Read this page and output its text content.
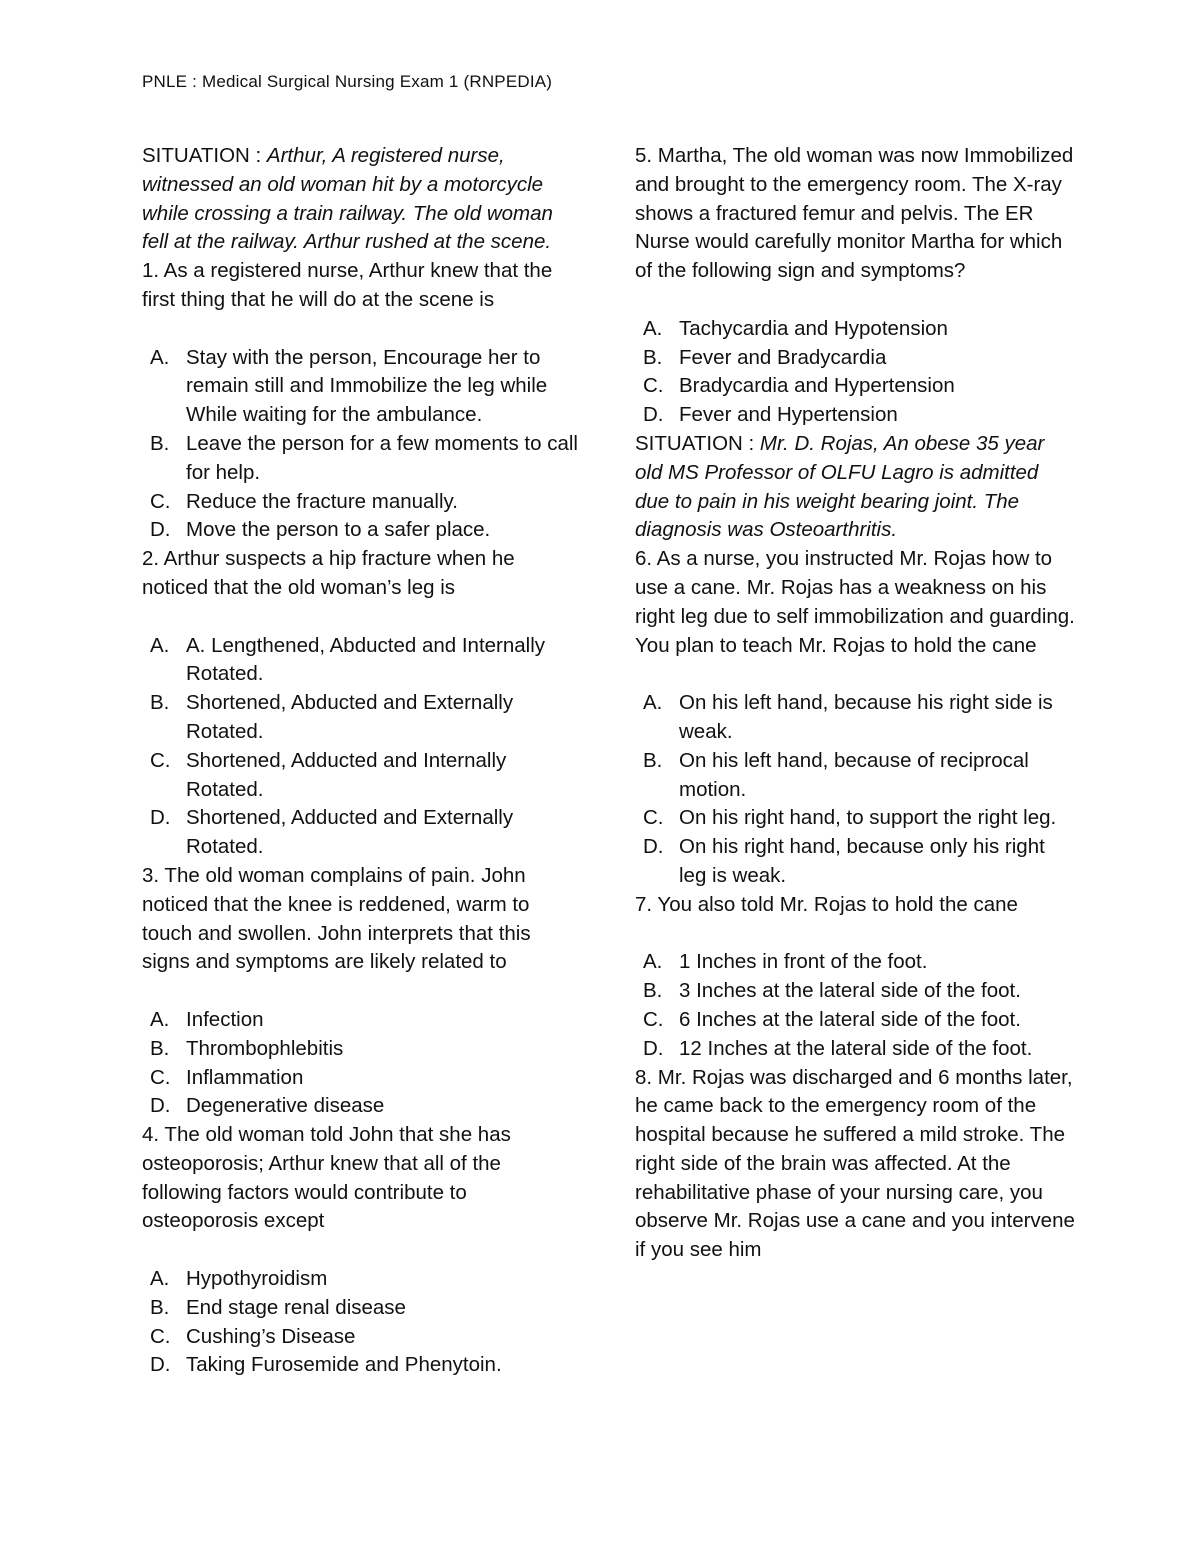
PNLE : Medical Surgical Nursing Exam 1 (RNPEDIA)

SITUATION : Arthur, A registered nurse, witnessed an old woman hit by a motorcycle while crossing a train railway. The old woman fell at the railway. Arthur rushed at the scene.

1. As a registered nurse, Arthur knew that the first thing that he will do at the scene is

A. Stay with the person, Encourage her to remain still and Immobilize the leg while While waiting for the ambulance.
B. Leave the person for a few moments to call for help.
C. Reduce the fracture manually.
D. Move the person to a safer place.

2. Arthur suspects a hip fracture when he noticed that the old woman’s leg is

A. A. Lengthened, Abducted and Internally Rotated.
B. Shortened, Abducted and Externally Rotated.
C. Shortened, Adducted and Internally Rotated.
D. Shortened, Adducted and Externally Rotated.

3. The old woman complains of pain. John noticed that the knee is reddened, warm to touch and swollen. John interprets that this signs and symptoms are likely related to

A. Infection
B. Thrombophlebitis
C. Inflammation
D. Degenerative disease

4. The old woman told John that she has osteoporosis; Arthur knew that all of the following factors would contribute to osteoporosis except

A. Hypothyroidism
B. End stage renal disease
C. Cushing’s Disease
D. Taking Furosemide and Phenytoin.

5. Martha, The old woman was now Immobilized and brought to the emergency room. The X-ray shows a fractured femur and pelvis. The ER Nurse would carefully monitor Martha for which of the following sign and symptoms?

A. Tachycardia and Hypotension
B. Fever and Bradycardia
C. Bradycardia and Hypertension
D. Fever and Hypertension

SITUATION : Mr. D. Rojas, An obese 35 year old MS Professor of OLFU Lagro is admitted due to pain in his weight bearing joint. The diagnosis was Osteoarthritis.

6. As a nurse, you instructed Mr. Rojas how to use a cane. Mr. Rojas has a weakness on his right leg due to self immobilization and guarding. You plan to teach Mr. Rojas to hold the cane

A. On his left hand, because his right side is weak.
B. On his left hand, because of reciprocal motion.
C. On his right hand, to support the right leg.
D. On his right hand, because only his right leg is weak.

7. You also told Mr. Rojas to hold the cane

A. 1 Inches in front of the foot.
B. 3 Inches at the lateral side of the foot.
C. 6 Inches at the lateral side of the foot.
D. 12 Inches at the lateral side of the foot.

8. Mr. Rojas was discharged and 6 months later, he came back to the emergency room of the hospital because he suffered a mild stroke. The right side of the brain was affected. At the rehabilitative phase of your nursing care, you observe Mr. Rojas use a cane and you intervene if you see him
